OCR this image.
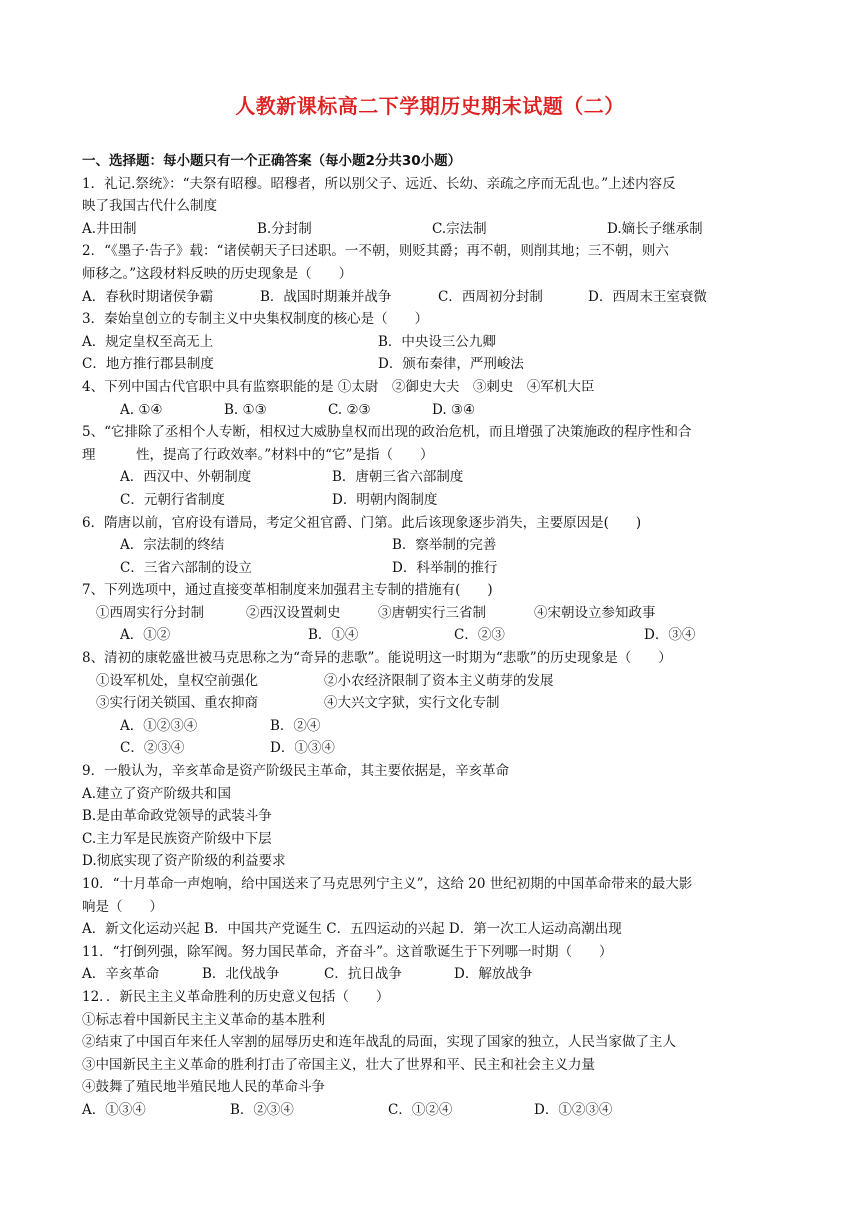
人教新课标高二下学期历史期末试题（二）
一、选择题：每小题只有一个正确答案（每小题2分共30小题）
1．礼记.祭统》：“夫祭有昭穆。昭穆者，所以别父子、远近、长幼、亲疏之序而无乱也。”上述内容反
映了我国古代什么制度
A.井田制	B.分封制	C.宗法制	D.嫡长子继承制
2．“《墨子·告子》载：“诸侯朝天子曰述职。一不朝，则贬其爵；再不朝，则削其地；三不朝，则六
师移之。”这段材料反映的历史现象是（　　）
A．春秋时期诸侯争霸	B．战国时期兼并战争	C．西周初分封制	D．西周末王室衰微
3．秦始皇创立的专制主义中央集权制度的核心是（　　）
A．规定皇权至高无上	B．中央设三公九卿
C．地方推行郡县制度	D．颁布秦律，严刑峻法
4、下列中国古代官职中具有监察职能的是 ①太尉　②御史大夫　③刺史　④军机大臣
A. ①④	B. ①③	C. ②③	D. ③④
5、“它排除了丞相个人专断，相权过大威胁皇权而出现的政治危机，而且增强了决策施政的程序性和合
理　　　性，提高了行政效率。”材料中的“它”是指（　　）
A．西汉中、外朝制度	B．唐朝三省六部制度
C．元朝行省制度	D．明朝内阁制度
6．隋唐以前，官府设有谱局，考定父祖官爵、门第。此后该现象逐步消失，主要原因是(　　)
A．宗法制的终结	B．察举制的完善
C．三省六部制的设立	D．科举制的推行
7、下列选项中，通过直接变革相制度来加强君主专制的措施有(　　)
①西周实行分封制	②西汉设置刺史	③唐朝实行三省制	④宋朝设立参知政事
A．①②	B．①④	C．②③	D．③④
8、清初的康乾盛世被马克思称之为“奇异的悲歌”。能说明这一时期为“悲歌”的历史现象是（　　）
①设军机处，皇权空前强化	②小农经济限制了资本主义萌芽的发展
③实行闭关锁国、重农抑商	④大兴文字狱，实行文化专制
A．①②③④	B．②④
C．②③④	D．①③④
9．一般认为，辛亥革命是资产阶级民主革命，其主要依据是，辛亥革命
A.建立了资产阶级共和国
B.是由革命政党领导的武装斗争
C.主力军是民族资产阶级中下层
D.彻底实现了资产阶级的利益要求
10．“十月革命一声炮响，给中国送来了马克思列宁主义”，这给 20 世纪初期的中国革命带来的最大影
响是（　　）
A．新文化运动兴起 B．中国共产党诞生 C．五四运动的兴起 D．第一次工人运动高潮出现
11．“打倒列强，除军阀。努力国民革命，齐奋斗”。这首歌诞生于下列哪一时期（　　）
A．辛亥革命	B．北伐战争	C．抗日战争	D．解放战争
12．．新民主主义革命胜利的历史意义包括（　　）
①标志着中国新民主主义革命的基本胜利
②结束了中国百年来任人宰割的屈辱历史和连年战乱的局面，实现了国家的独立，人民当家做了主人
③中国新民主主义革命的胜利打击了帝国主义，壮大了世界和平、民主和社会主义力量
④鼓舞了殖民地半殖民地人民的革命斗争
A．①③④	B．②③④	C．①②④	D．①②③④
